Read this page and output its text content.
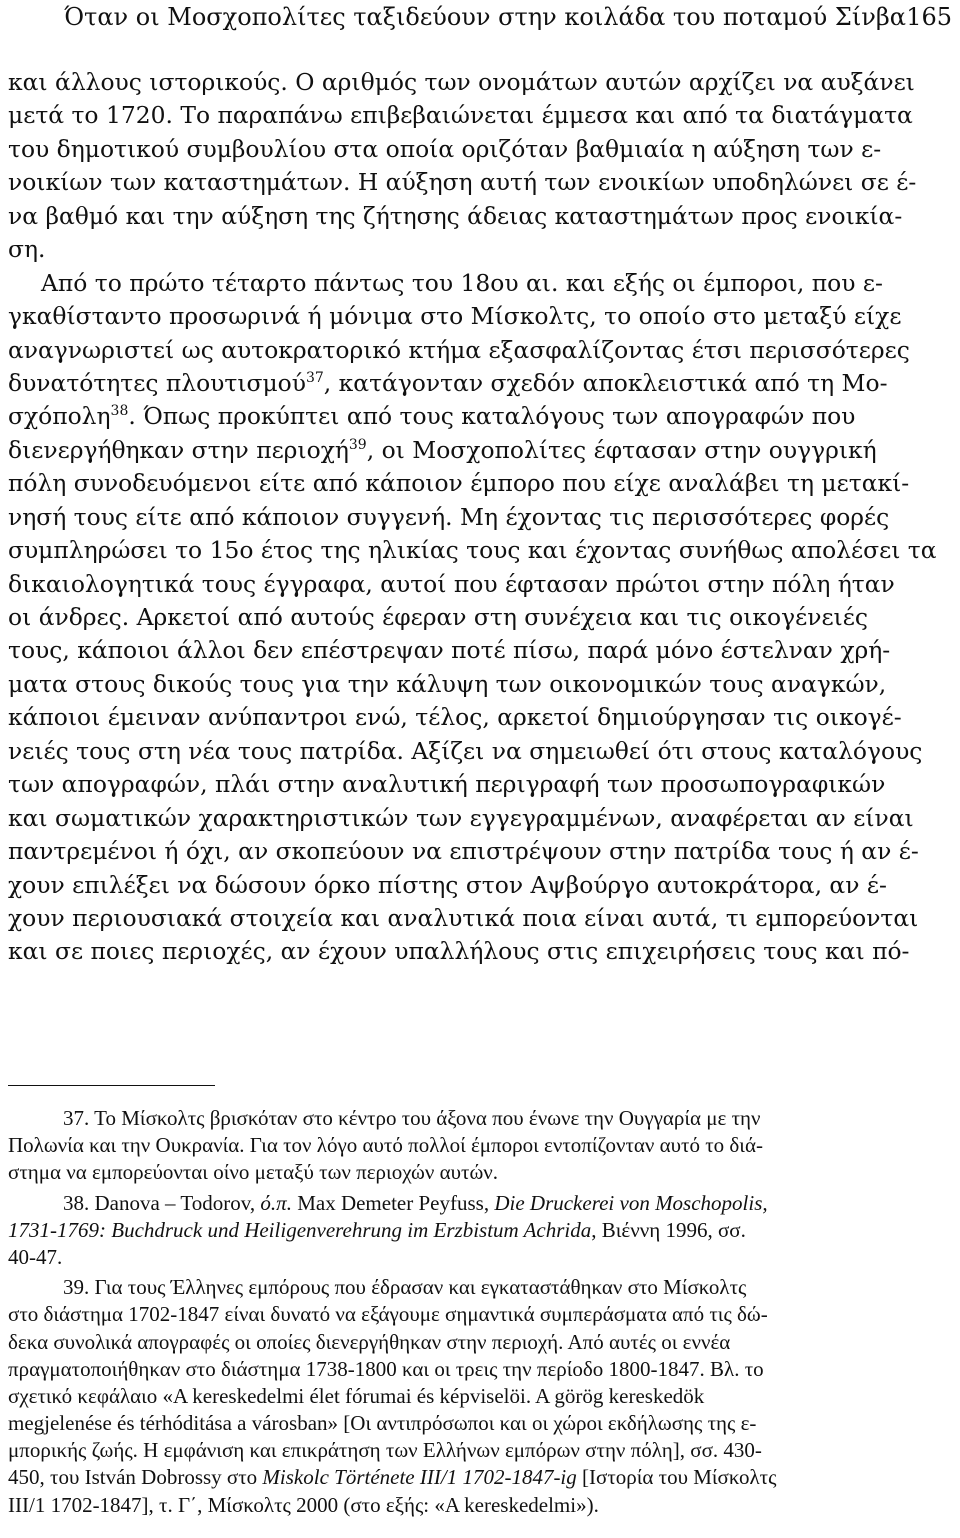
Όταν οι Μοσχοπολίτες ταξιδεύουν στην κοιλάδα του ποταμού Σίνβα 165
και άλλους ιστορικούς. Ο αριθμός των ονομάτων αυτών αρχίζει να αυξάνει
μετά το 1720. Το παραπάνω επιβεβαιώνεται έμμεσα και από τα διατάγματα
του δημοτικού συμβουλίου στα οποία οριζόταν βαθμιαία η αύξηση των ε-
νοικίων των καταστημάτων. Η αύξηση αυτή των ενοικίων υποδηλώνει σε έ-
να βαθμό και την αύξηση της ζήτησης άδειας καταστημάτων προς ενοικία-
ση.
Από το πρώτο τέταρτο πάντως του 18ου αι. και εξής οι έμποροι, που ε-
γκαθίσταντο προσωρινά ή μόνιμα στο Μίσκολτς, το οποίο στο μεταξύ είχε
αναγνωριστεί ως αυτοκρατορικό κτήμα εξασφαλίζοντας έτσι περισσότερες
δυνατότητες πλουτισμού$^{37}$, κατάγονταν σχεδόν αποκλειστικά από τη Μο-
σχόπολη$^{38}$. Όπως προκύπτει από τους καταλόγους των απογραφών που
διενεργήθηκαν στην περιοχή$^{39}$, οι Μοσχοπολίτες έφτασαν στην ουγγρική
πόλη συνοδευόμενοι είτε από κάποιον έμπορο που είχε αναλάβει τη μετακί-
νησή τους είτε από κάποιον συγγενή. Μη έχοντας τις περισσότερες φορές
συμπληρώσει το 15ο έτος της ηλικίας τους και έχοντας συνήθως απολέσει τα
δικαιολογητικά τους έγγραφα, αυτοί που έφτασαν πρώτοι στην πόλη ήταν
οι άνδρες. Αρκετοί από αυτούς έφεραν στη συνέχεια και τις οικογένειές
τους, κάποιοι άλλοι δεν επέστρεψαν ποτέ πίσω, παρά μόνο έστελναν χρή-
ματα στους δικούς τους για την κάλυψη των οικονομικών τους αναγκών,
κάποιοι έμειναν ανύπαντροι ενώ, τέλος, αρκετοί δημιούργησαν τις οικογέ-
νειές τους στη νέα τους πατρίδα. Αξίζει να σημειωθεί ότι στους καταλόγους
των απογραφών, πλάι στην αναλυτική περιγραφή των προσωπογραφικών
και σωματικών χαρακτηριστικών των εγγεγραμμένων, αναφέρεται αν είναι
παντρεμένοι ή όχι, αν σκοπεύουν να επιστρέψουν στην πατρίδα τους ή αν έ-
χουν επιλέξει να δώσουν όρκο πίστης στον Αψβούργο αυτοκράτορα, αν έ-
χουν περιουσιακά στοιχεία και αναλυτικά ποια είναι αυτά, τι εμπορεύονται
και σε ποιες περιοχές, αν έχουν υπαλλήλους στις επιχειρήσεις τους και πό-
37. Το Μίσκολτς βρισκόταν στο κέντρο του άξονα που ένωνε την Ουγγαρία με την
Πολωνία και την Ουκρανία. Για τον λόγο αυτό πολλοί έμποροι εντοπίζονταν αυτό το διά-
στημα να εμπορεύονται οίνο μεταξύ των περιοχών αυτών.
38. Danova – Todorov, ό.π. Max Demeter Peyfuss, Die Druckerei von Moschopolis,
1731-1769: Buchdruck und Heiligenverehrung im Erzbistum Achrida, Βιέννη 1996, σσ.
40-47.
39. Για τους Έλληνες εμπόρους που έδρασαν και εγκαταστάθηκαν στο Μίσκολτς
στο διάστημα 1702-1847 είναι δυνατό να εξάγουμε σημαντικά συμπεράσματα από τις δώ-
δεκα συνολικά απογραφές οι οποίες διενεργήθηκαν στην περιοχή. Από αυτές οι εννέα
πραγματοποιήθηκαν στο διάστημα 1738-1800 και οι τρεις την περίοδο 1800-1847. Βλ. το
σχετικό κεφάλαιο «A kereskedelmi élet fórumai és képviselöi. A görög kereskedök
megjelenése és térhóditása a városban» [Οι αντιπρόσωποι και οι χώροι εκδήλωσης της ε-
μπορικής ζωής. Η εμφάνιση και επικράτηση των Ελλήνων εμπόρων στην πόλη], σσ. 430-
450, του István Dobrossy στο Miskolc Története III/1 1702-1847-ig [Ιστορία του Μίσκολτς
ΙΙΙ/1 1702-1847], τ. Γ΄, Μίσκολτς 2000 (στο εξής: «A kereskedelmi»).
